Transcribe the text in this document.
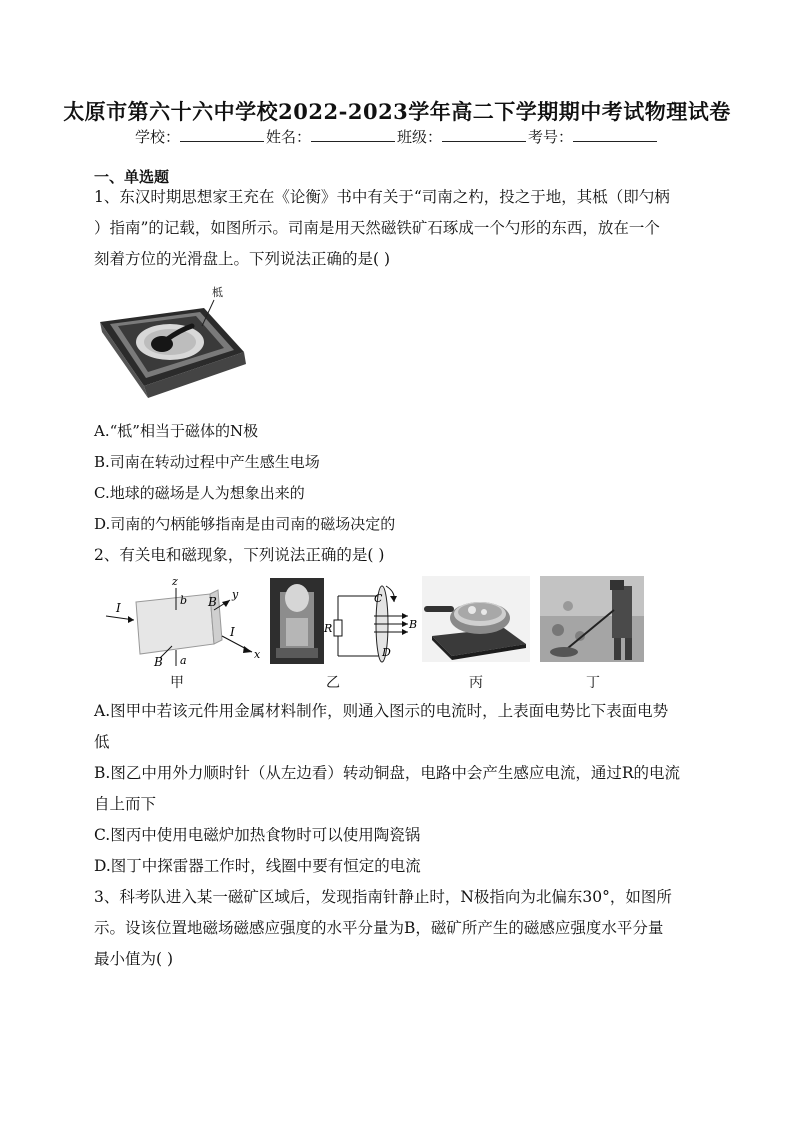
太原市第六十六中学校2022-2023学年高二下学期期中考试物理试卷
学校：	姓名：	班级：	考号：
一、单选题
1、东汉时期思想家王充在《论衡》书中有关于“司南之杓，投之于地，其柢（即勺柄
）指南”的记载，如图所示。司南是用天然磁铁矿石琢成一个勺形的东西，放在一个
刻着方位的光滑盘上。下列说法正确的是( )
柢
A.“柢”相当于磁体的N极
B.司南在转动过程中产生感生电场
C.地球的磁场是人为想象出来的
D.司南的勺柄能够指南是由司南的磁场决定的
2、有关电和磁现象，下列说法正确的是( )
I
z
b B
y
I
x
B a
R
C
D
B
甲	乙	丙	丁
A.图甲中若该元件用金属材料制作，则通入图示的电流时，上表面电势比下表面电势
低
B.图乙中用外力顺时针（从左边看）转动铜盘，电路中会产生感应电流，通过R的电流
自上而下
C.图丙中使用电磁炉加热食物时可以使用陶瓷锅
D.图丁中探雷器工作时，线圈中要有恒定的电流
3、科考队进入某一磁矿区域后，发现指南针静止时，N极指向为北偏东30°，如图所
示。设该位置地磁场磁感应强度的水平分量为B，磁矿所产生的磁感应强度水平分量
最小值为( )
